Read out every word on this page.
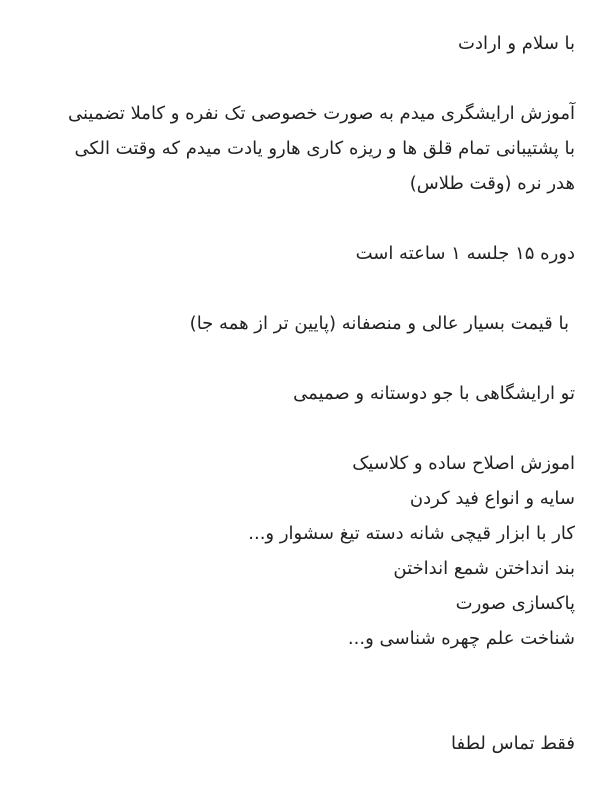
با سلام و ارادت
آموزش ارایشگری میدم به صورت خصوصی تک نفره و کاملا تضمینی
با پشتیبانی تمام قلق ها و ریزه کاری هارو یادت میدم که وقتت الکی
هدر نره (وقت طلاس)
دوره ۱۵ جلسه ۱ ساعته است
با قیمت بسیار عالی و منصفانه (پایین تر از همه جا)
تو ارایشگاهی با جو دوستانه و صمیمی
اموزش اصلاح ساده و کلاسیک
سایه و انواع فید کردن
کار با ابزار قیچی شانه دسته تیغ سشوار و...
بند انداختن شمع انداختن
پاکسازی صورت
شناخت علم چهره شناسی و...
فقط تماس لطفا
